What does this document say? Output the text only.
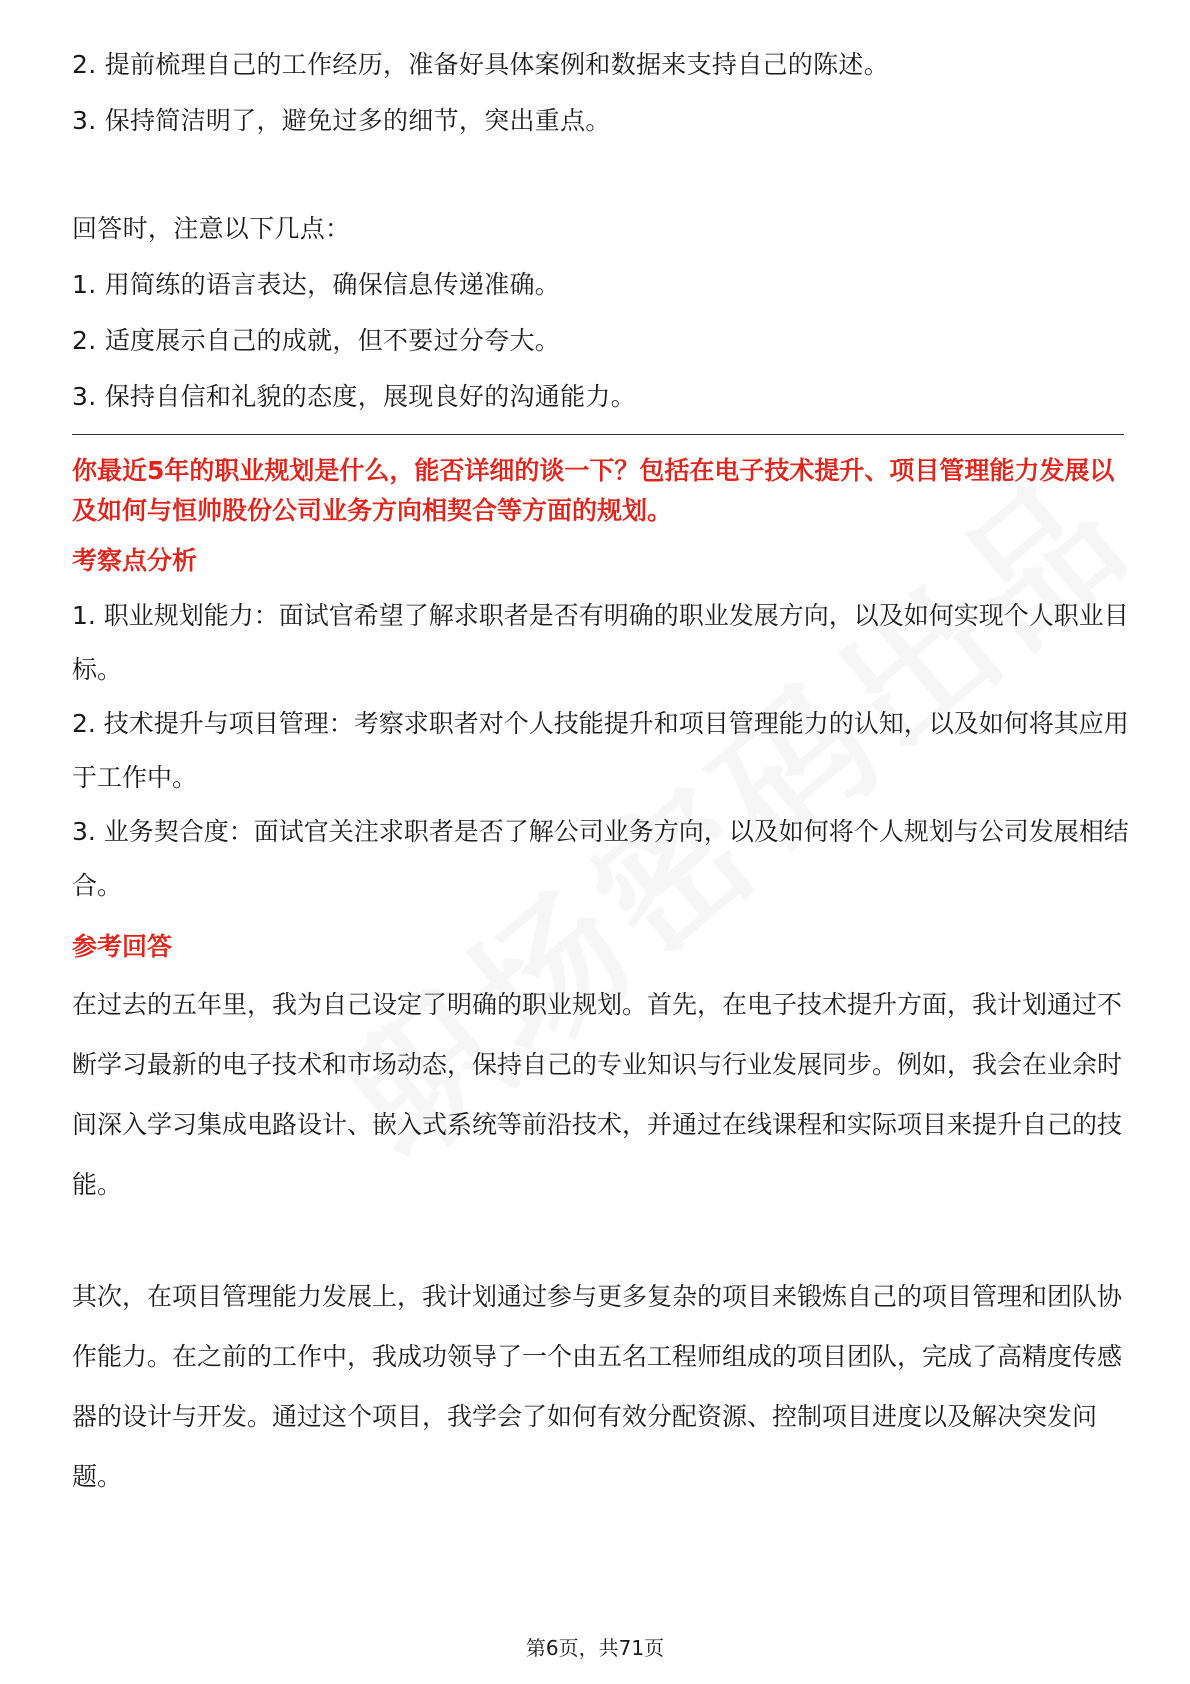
2. 提前梳理自己的工作经历，准备好具体案例和数据来支持自己的陈述。

3. 保持简洁明了，避免过多的细节，突出重点。

回答时，注意以下几点：

1. 用简练的语言表达，确保信息传递准确。

2. 适度展示自己的成就，但不要过分夸大。

3. 保持自信和礼貌的态度，展现良好的沟通能力。

你最近5年的职业规划是什么，能否详细的谈一下？包括在电子技术提升、项目管理能力发展以及如何与恒帅股份公司业务方向相契合等方面的规划。

考察点分析

1. 职业规划能力：面试官希望了解求职者是否有明确的职业发展方向，以及如何实现个人职业目标。

2. 技术提升与项目管理：考察求职者对个人技能提升和项目管理能力的认知，以及如何将其应用于工作中。

3. 业务契合度：面试官关注求职者是否了解公司业务方向，以及如何将个人规划与公司发展相结合。

参考回答

在过去的五年里，我为自己设定了明确的职业规划。首先，在电子技术提升方面，我计划通过不断学习最新的电子技术和市场动态，保持自己的专业知识与行业发展同步。例如，我会在业余时间深入学习集成电路设计、嵌入式系统等前沿技术，并通过在线课程和实际项目来提升自己的技能。

其次，在项目管理能力发展上，我计划通过参与更多复杂的项目来锻炼自己的项目管理和团队协作能力。在之前的工作中，我成功领导了一个由五名工程师组成的项目团队，完成了高精度传感器的设计与开发。通过这个项目，我学会了如何有效分配资源、控制项目进度以及解决突发问题。

第6页，共71页
